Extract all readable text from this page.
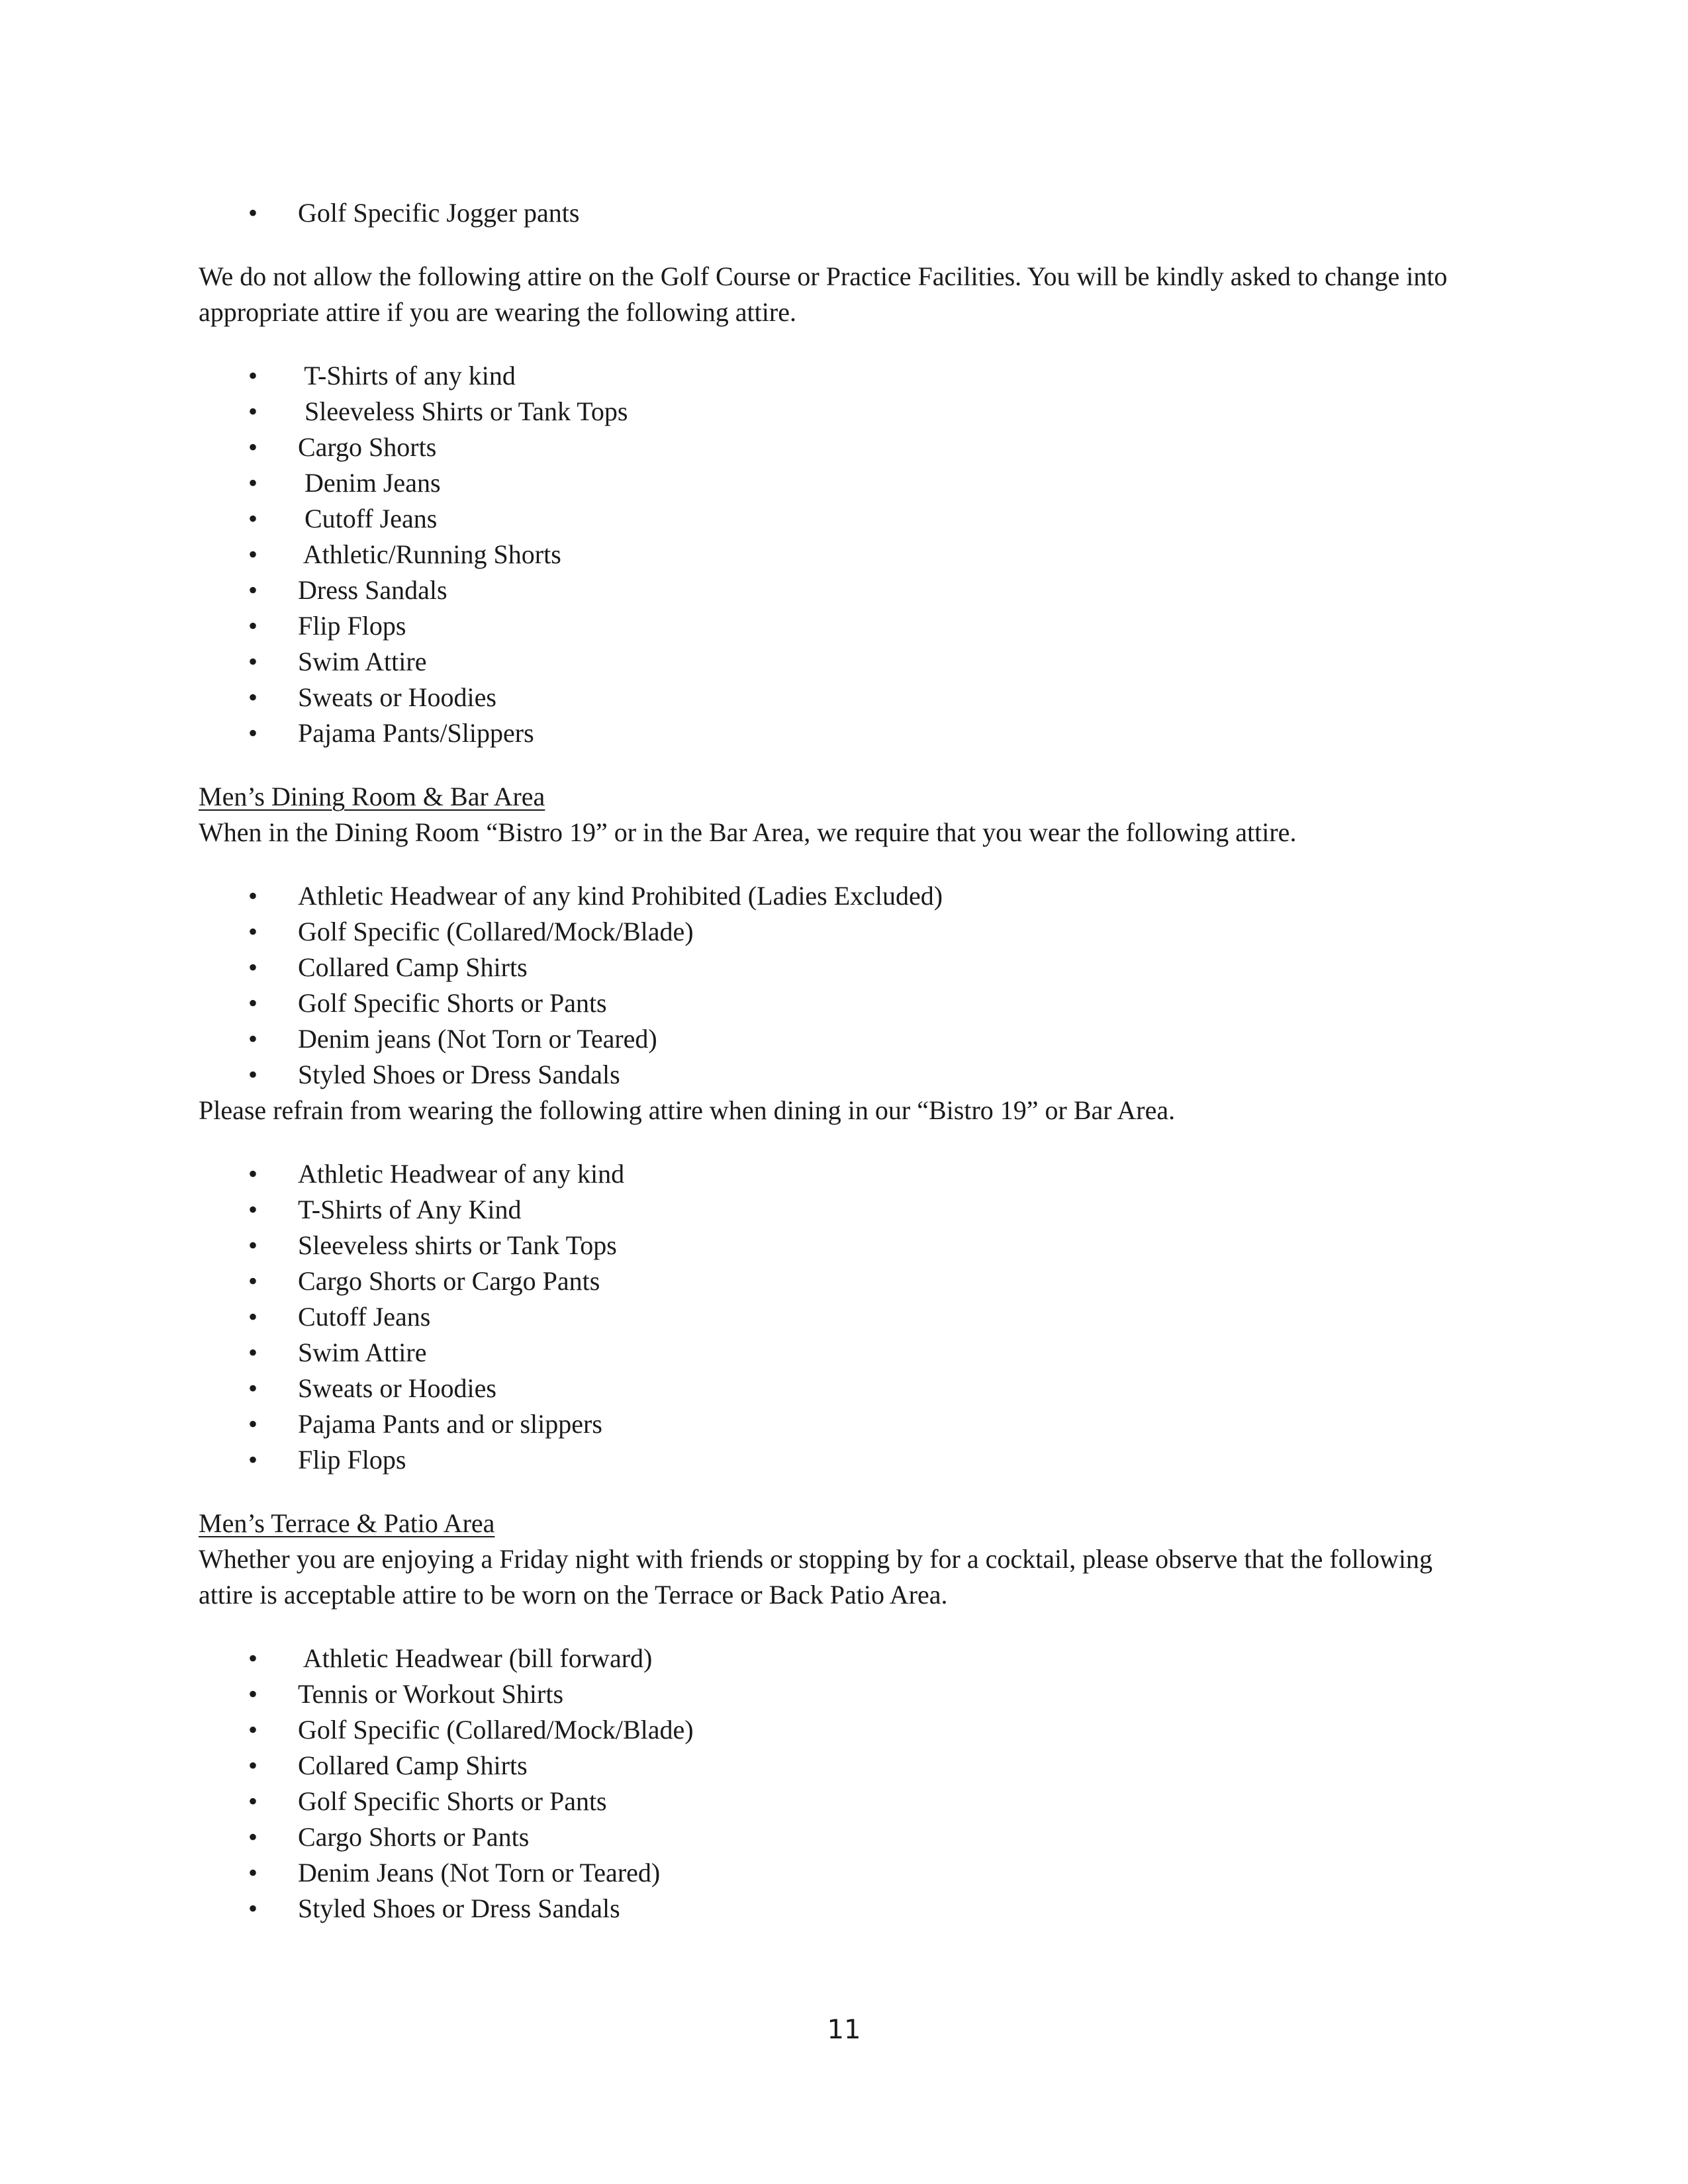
• Golf Specific Jogger pants

We do not allow the following attire on the Golf Course or Practice Facilities. You will be kindly asked to change into appropriate attire if you are wearing the following attire.

•  T-Shirts of any kind
•  Sleeveless Shirts or Tank Tops
• Cargo Shorts
•  Denim Jeans
•  Cutoff Jeans
•  Athletic/Running Shorts
• Dress Sandals
• Flip Flops
• Swim Attire
• Sweats or Hoodies
• Pajama Pants/Slippers

Men’s Dining Room & Bar Area

When in the Dining Room “Bistro 19” or in the Bar Area, we require that you wear the following attire.

• Athletic Headwear of any kind Prohibited (Ladies Excluded)
• Golf Specific (Collared/Mock/Blade)
• Collared Camp Shirts
• Golf Specific Shorts or Pants
• Denim jeans (Not Torn or Teared)
• Styled Shoes or Dress Sandals

Please refrain from wearing the following attire when dining in our “Bistro 19” or Bar Area.

• Athletic Headwear of any kind
• T-Shirts of Any Kind
• Sleeveless shirts or Tank Tops
• Cargo Shorts or Cargo Pants
• Cutoff Jeans
• Swim Attire
• Sweats or Hoodies
• Pajama Pants and or slippers
• Flip Flops

Men’s Terrace & Patio Area

Whether you are enjoying a Friday night with friends or stopping by for a cocktail, please observe that the following attire is acceptable attire to be worn on the Terrace or Back Patio Area.

•  Athletic Headwear (bill forward)
• Tennis or Workout Shirts
• Golf Specific (Collared/Mock/Blade)
• Collared Camp Shirts
• Golf Specific Shorts or Pants
• Cargo Shorts or Pants
• Denim Jeans (Not Torn or Teared)
• Styled Shoes or Dress Sandals
11
